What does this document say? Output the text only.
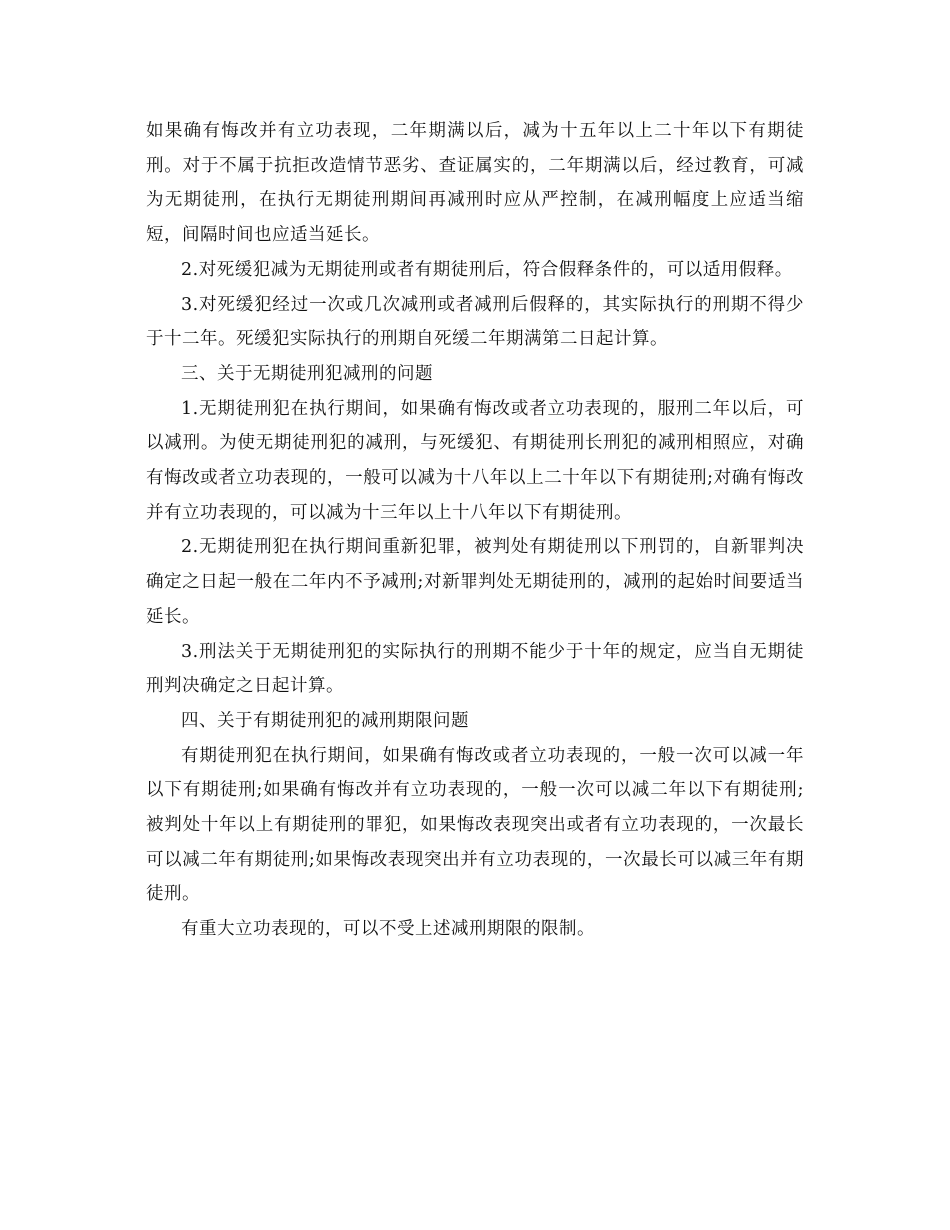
如果确有悔改并有立功表现，二年期满以后，减为十五年以上二十年以下有期徒刑。对于不属于抗拒改造情节恶劣、查证属实的，二年期满以后，经过教育，可减为无期徒刑，在执行无期徒刑期间再减刑时应从严控制，在减刑幅度上应适当缩短，间隔时间也应适当延长。

2.对死缓犯减为无期徒刑或者有期徒刑后，符合假释条件的，可以适用假释。

3.对死缓犯经过一次或几次减刑或者减刑后假释的，其实际执行的刑期不得少于十二年。死缓犯实际执行的刑期自死缓二年期满第二日起计算。

三、关于无期徒刑犯减刑的问题

1.无期徒刑犯在执行期间，如果确有悔改或者立功表现的，服刑二年以后，可以减刑。为使无期徒刑犯的减刑，与死缓犯、有期徒刑长刑犯的减刑相照应，对确有悔改或者立功表现的，一般可以减为十八年以上二十年以下有期徒刑;对确有悔改并有立功表现的，可以减为十三年以上十八年以下有期徒刑。

2.无期徒刑犯在执行期间重新犯罪，被判处有期徒刑以下刑罚的，自新罪判决确定之日起一般在二年内不予减刑;对新罪判处无期徒刑的，减刑的起始时间要适当延长。

3.刑法关于无期徒刑犯的实际执行的刑期不能少于十年的规定，应当自无期徒刑判决确定之日起计算。

四、关于有期徒刑犯的减刑期限问题

有期徒刑犯在执行期间，如果确有悔改或者立功表现的，一般一次可以减一年以下有期徒刑;如果确有悔改并有立功表现的，一般一次可以减二年以下有期徒刑;被判处十年以上有期徒刑的罪犯，如果悔改表现突出或者有立功表现的，一次最长可以减二年有期徒刑;如果悔改表现突出并有立功表现的，一次最长可以减三年有期徒刑。

有重大立功表现的，可以不受上述减刑期限的限制。
